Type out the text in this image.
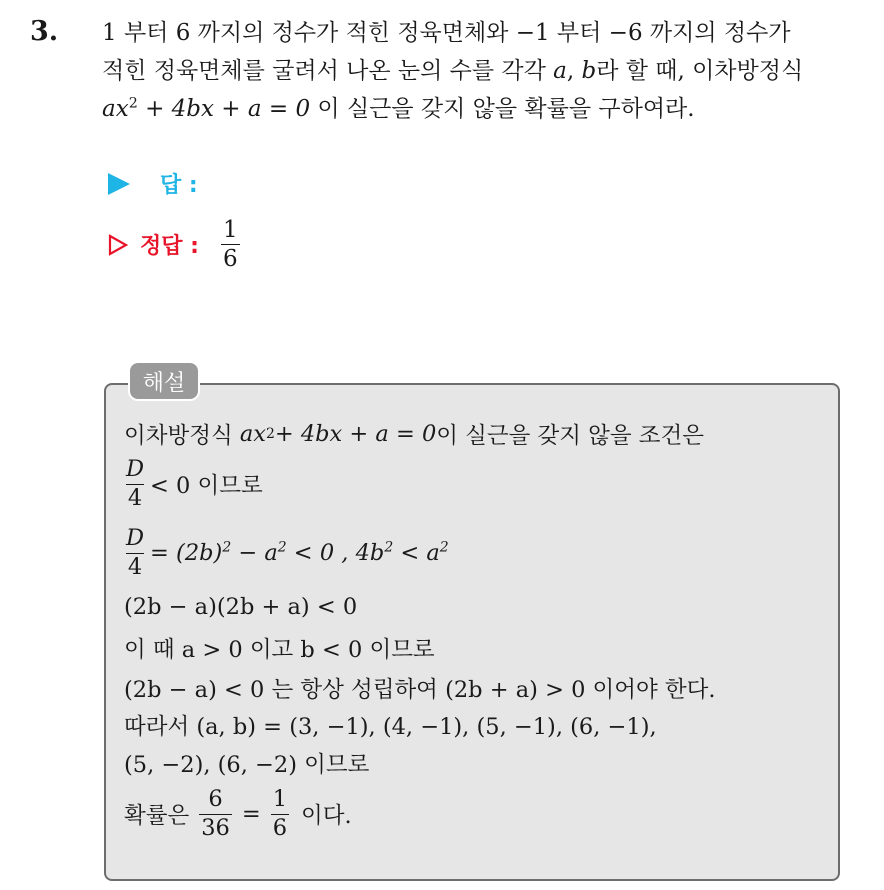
3. 1 부터 6 까지의 정수가 적힌 정육면체와 −1 부터 −6 까지의 정수가
적힌 정육면체를 굴려서 나온 눈의 수를 각각 a, b라 할 때, 이차방정식
$ax^2 + 4bx + a = 0$ 이 실근을 갖지 않을 확률을 구하여라.
답 :
정답 : $\frac{1}{6}$
해설
이차방정식
ax 2 + 4bx + a = 0 이 실근을 갖지 않을 조건은
$\frac{D}{4} < 0$ 이므로
$\frac{D}{4} = (2b)^2 - a^2 < 0$ , $4b^2 < a^2$
(2b − a)(2b + a) < 0
이 때 a > 0 이고 b < 0 이므로
(2b − a) < 0 는 항상 성립하여 (2b + a) > 0 이어야 한다.
따라서 (a, b) = (3, −1), (4, −1), (5, −1), (6, −1),
(5, −2), (6, −2) 이므로
확률은 $\frac{6}{36} = \frac{1}{6}$ 이다.
